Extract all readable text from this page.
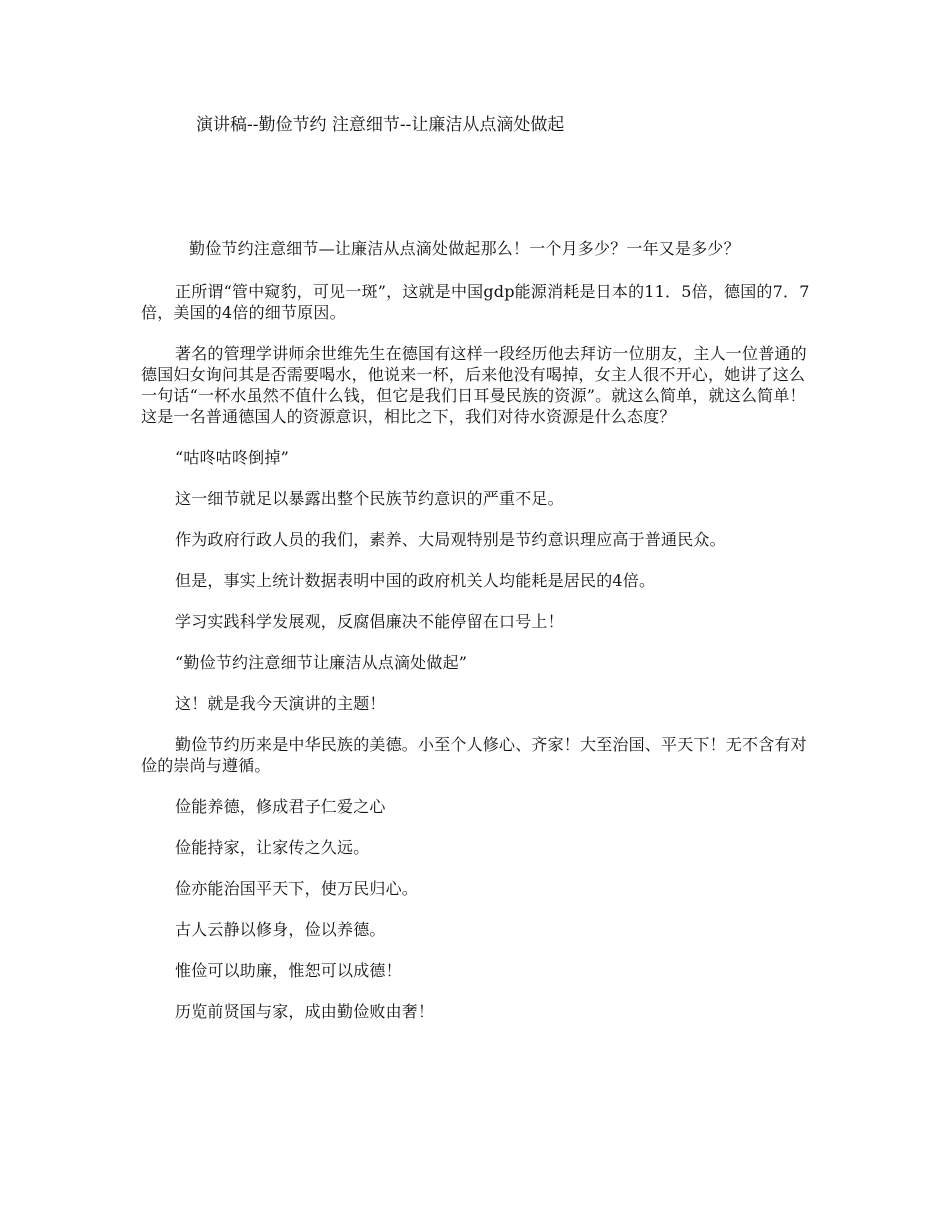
演讲稿--勤俭节约 注意细节--让廉洁从点滴处做起

勤俭节约注意细节—让廉洁从点滴处做起那么！一个月多少？一年又是多少？

正所谓“管中窥豹，可见一斑”，这就是中国gdp能源消耗是日本的11．5倍，德国的7．7倍，美国的4倍的细节原因。

著名的管理学讲师余世维先生在德国有这样一段经历他去拜访一位朋友，主人一位普通的德国妇女询问其是否需要喝水，他说来一杯，后来他没有喝掉，女主人很不开心，她讲了这么一句话“一杯水虽然不值什么钱，但它是我们日耳曼民族的资源”。就这么简单，就这么简单！这是一名普通德国人的资源意识，相比之下，我们对待水资源是什么态度？

“咕咚咕咚倒掉”

这一细节就足以暴露出整个民族节约意识的严重不足。

作为政府行政人员的我们，素养、大局观特别是节约意识理应高于普通民众。

但是，事实上统计数据表明中国的政府机关人均能耗是居民的4倍。

学习实践科学发展观，反腐倡廉决不能停留在口号上！

“勤俭节约注意细节让廉洁从点滴处做起”

这！就是我今天演讲的主题！

勤俭节约历来是中华民族的美德。小至个人修心、齐家！大至治国、平天下！无不含有对俭的崇尚与遵循。

俭能养德，修成君子仁爱之心

俭能持家，让家传之久远。

俭亦能治国平天下，使万民归心。

古人云静以修身，俭以养德。

惟俭可以助廉，惟恕可以成德！

历览前贤国与家，成由勤俭败由奢！
